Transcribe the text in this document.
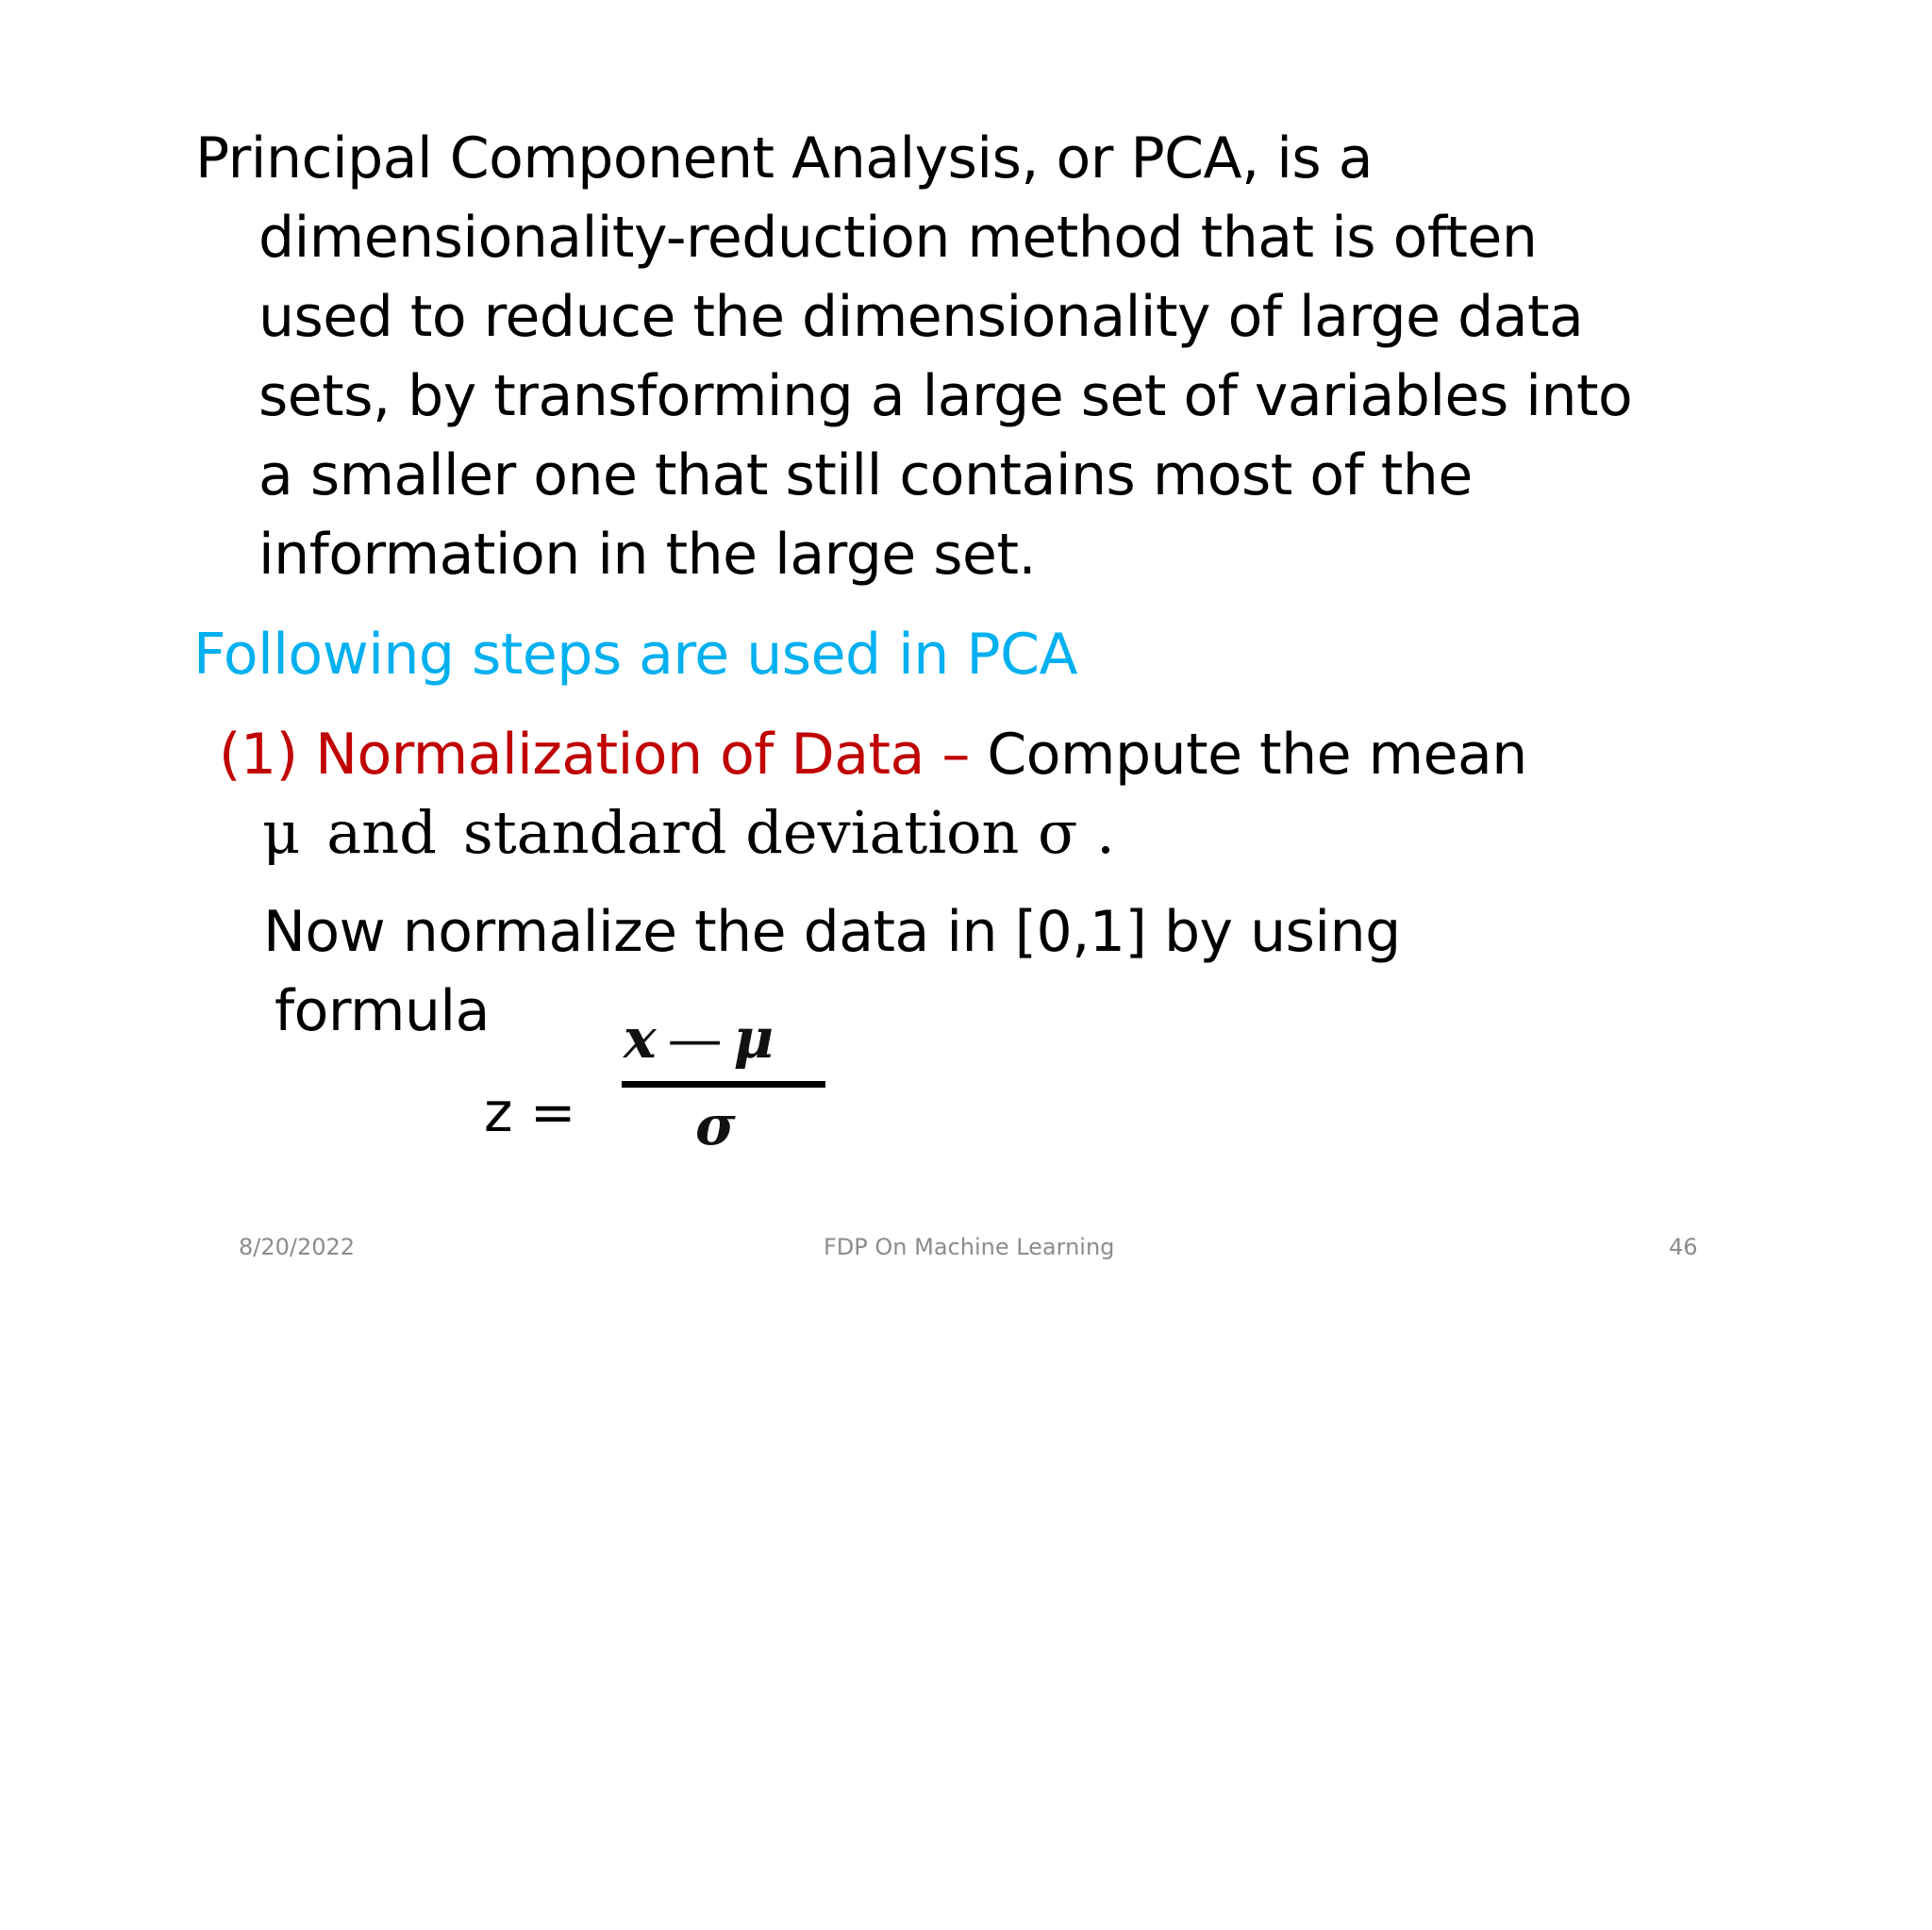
Principal Component Analysis, or PCA, is a
dimensionality-reduction method that is often
used to reduce the dimensionality of large data
sets, by transforming a large set of variables into
a smaller one that still contains most of the
information in the large set.
Following steps are used in PCA
(1) Normalization of Data – Compute the mean
μ and standard deviation σ .
Now normalize the data in [0,1] by using
formula
z =
x — μ
σ
8/20/2022	FDP On Machine Learning	46
